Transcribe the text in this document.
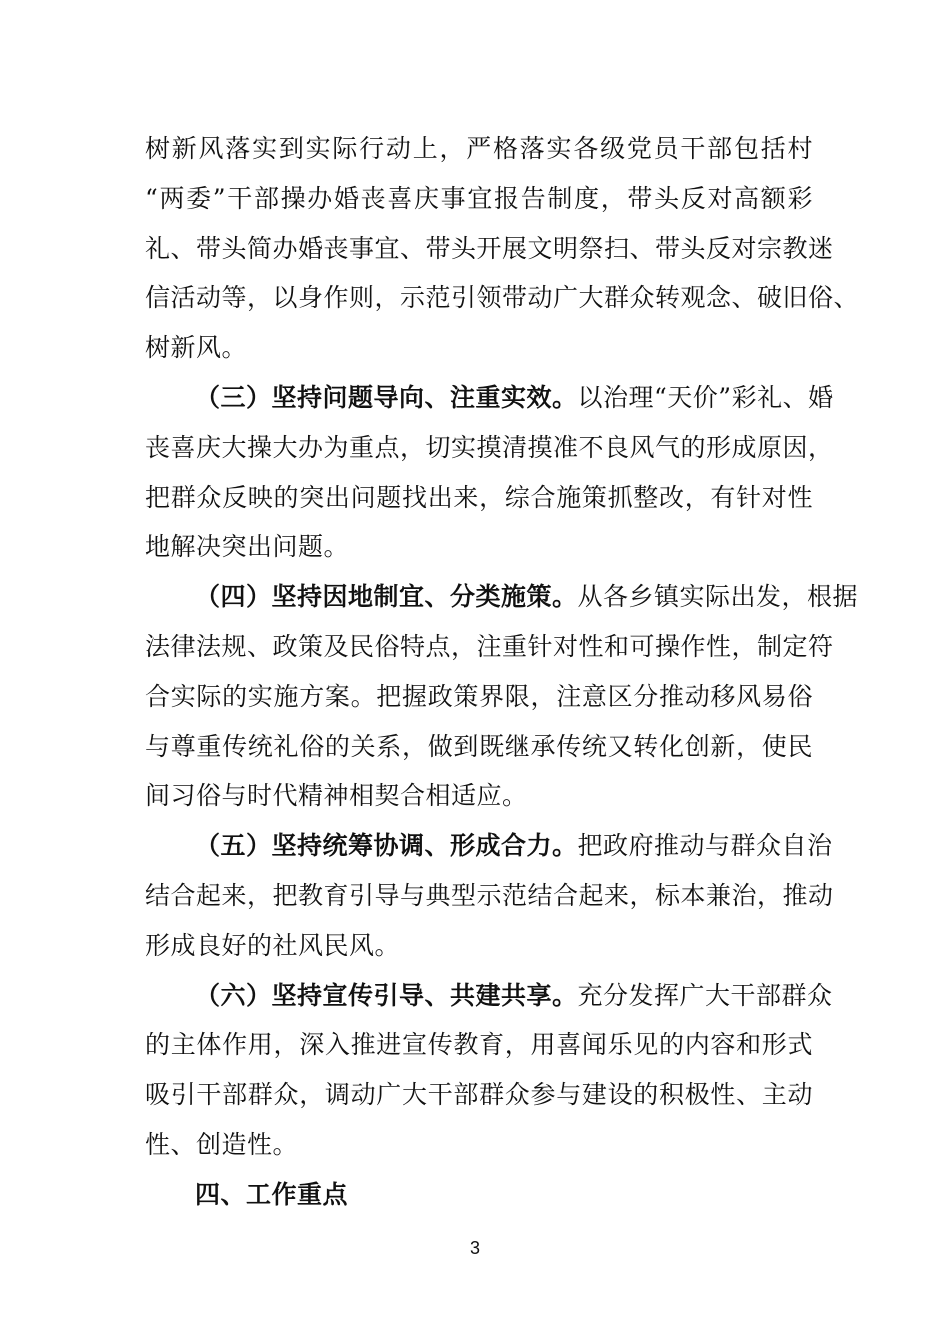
树新风落实到实际行动上，严格落实各级党员干部包括村
“两委”干部操办婚丧喜庆事宜报告制度，带头反对高额彩
礼、带头简办婚丧事宜、带头开展文明祭扫、带头反对宗教迷
信活动等，以身作则，示范引领带动广大群众转观念、破旧俗、
树新风。
（三）坚持问题导向、注重实效。以治理“天价”彩礼、婚
丧喜庆大操大办为重点，切实摸清摸准不良风气的形成原因，
把群众反映的突出问题找出来，综合施策抓整改，有针对性
地解决突出问题。
（四）坚持因地制宜、分类施策。从各乡镇实际出发，根据
法律法规、政策及民俗特点，注重针对性和可操作性，制定符
合实际的实施方案。把握政策界限，注意区分推动移风易俗
与尊重传统礼俗的关系，做到既继承传统又转化创新，使民
间习俗与时代精神相契合相适应。
（五）坚持统筹协调、形成合力。把政府推动与群众自治
结合起来，把教育引导与典型示范结合起来，标本兼治，推动
形成良好的社风民风。
（六）坚持宣传引导、共建共享。充分发挥广大干部群众
的主体作用，深入推进宣传教育，用喜闻乐见的内容和形式
吸引干部群众，调动广大干部群众参与建设的积极性、主动
性、创造性。
四、工作重点
3
